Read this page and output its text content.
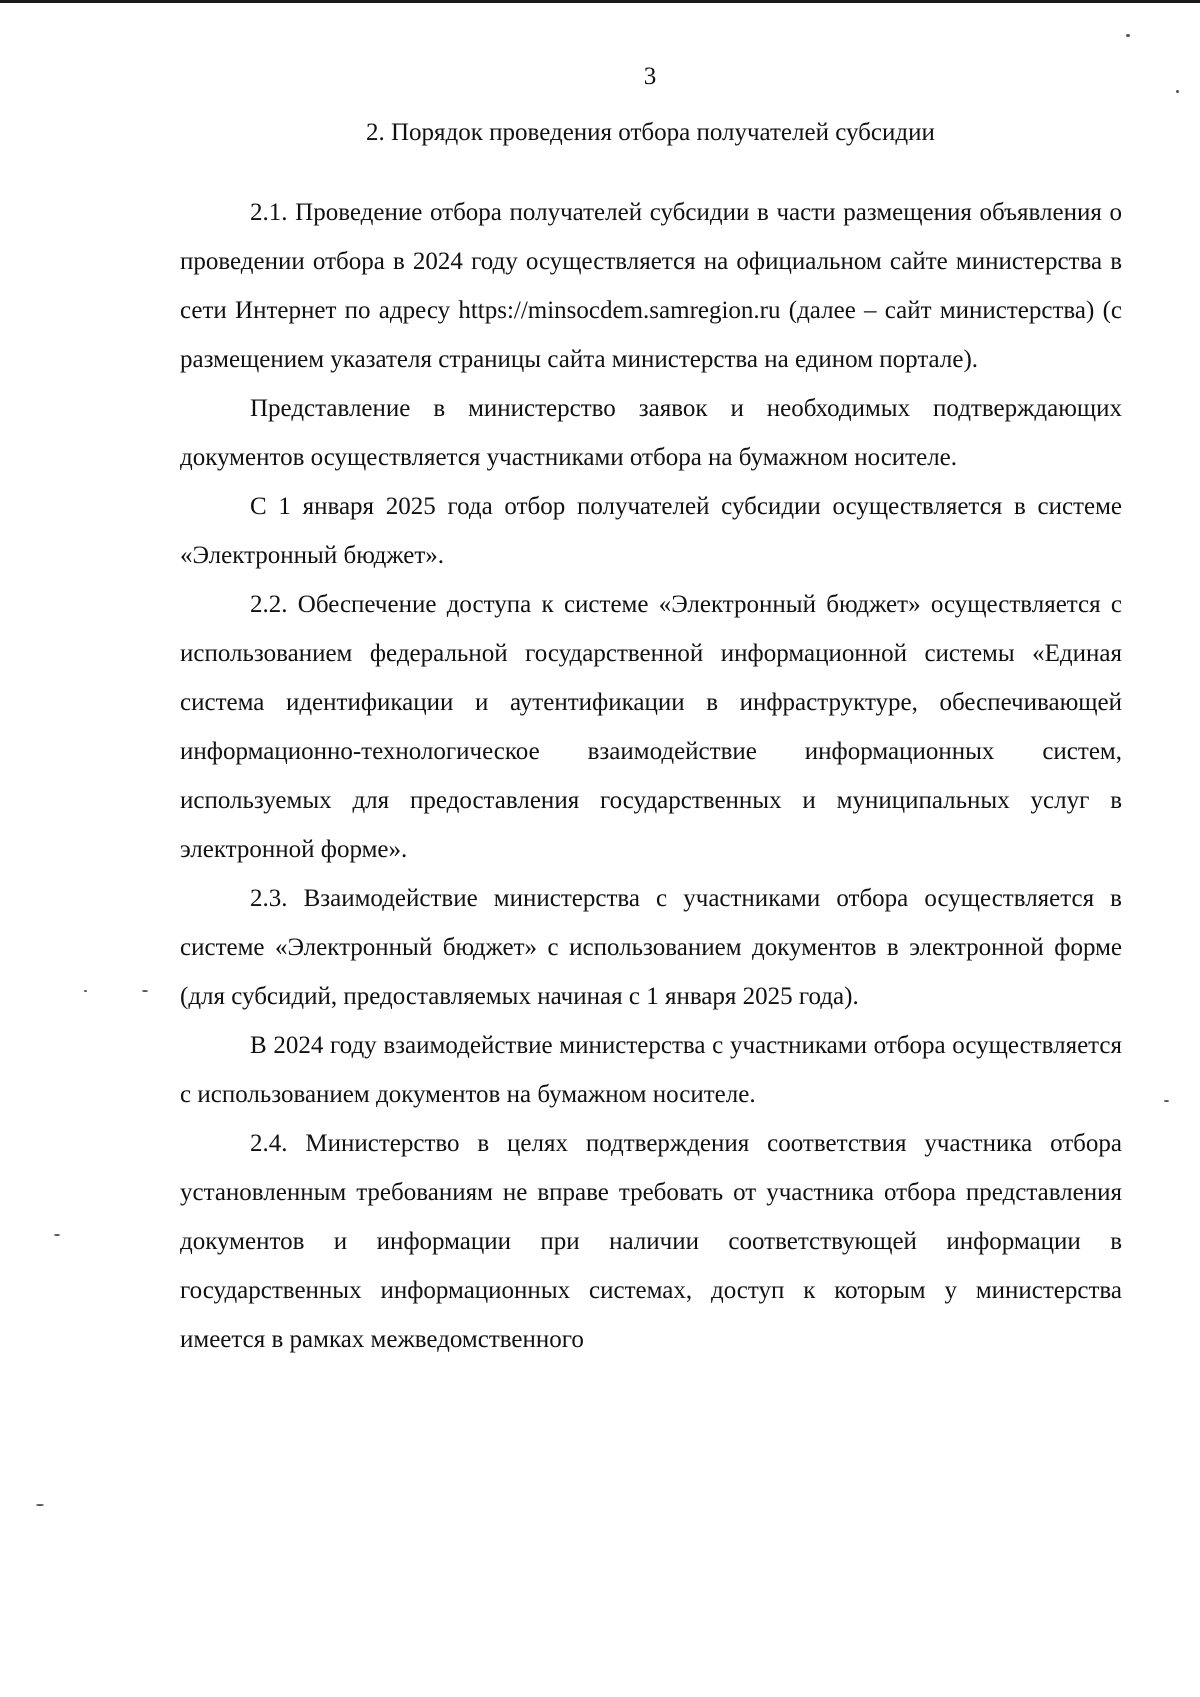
3
2. Порядок проведения отбора получателей субсидии

2.1. Проведение отбора получателей субсидии в части размещения объявления о проведении отбора в 2024 году осуществляется на официальном сайте министерства в сети Интернет по адресу https://minsocdem.samregion.ru (далее – сайт министерства) (с размещением указателя страницы сайта министерства на едином портале).

Представление в министерство заявок и необходимых подтверждающих документов осуществляется участниками отбора на бумажном носителе.

С 1 января 2025 года отбор получателей субсидии осуществляется в системе «Электронный бюджет».

2.2. Обеспечение доступа к системе «Электронный бюджет» осуществляется с использованием федеральной государственной информационной системы «Единая система идентификации и аутентификации в инфраструктуре, обеспечивающей информационно-технологическое взаимодействие информационных систем, используемых для предоставления государственных и муниципальных услуг в электронной форме».

2.3. Взаимодействие министерства с участниками отбора осуществляется в системе «Электронный бюджет» с использованием документов в электронной форме (для субсидий, предоставляемых начиная с 1 января 2025 года).

В 2024 году взаимодействие министерства с участниками отбора осуществляется с использованием документов на бумажном носителе.

2.4. Министерство в целях подтверждения соответствия участника отбора установленным требованиям не вправе требовать от участника отбора представления документов и информации при наличии соответствующей информации в государственных информационных системах, доступ к которым у министерства имеется в рамках межведомственного
